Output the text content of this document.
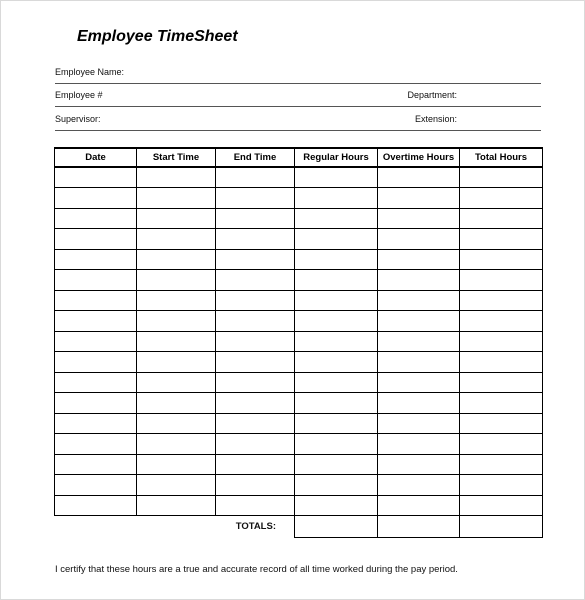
Employee TimeSheet
Employee Name:
Employee #	Department:
Supervisor:	Extension:
Date	Start Time	End Time	Regular Hours	Overtime Hours	Total Hours

TOTALS:					
I certify that these hours are a true and accurate record of all time worked during the pay period.
